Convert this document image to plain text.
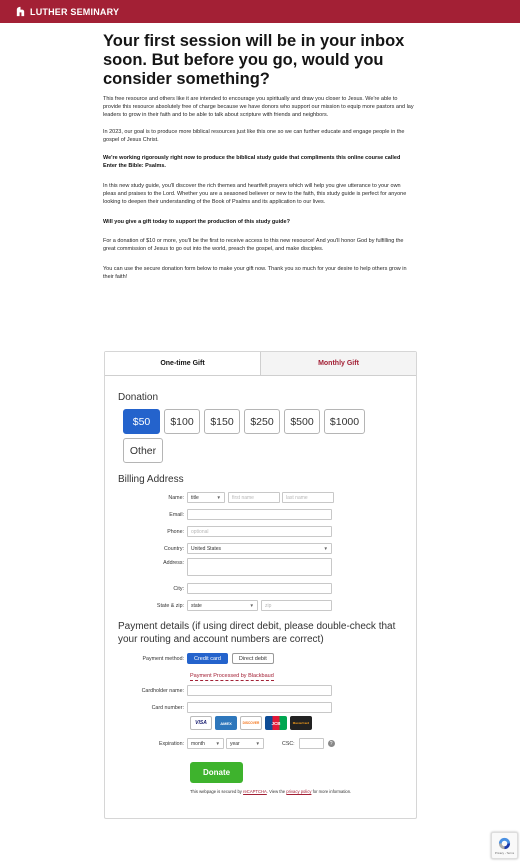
LUTHER SEMINARY
Your first session will be in your inbox soon. But before you go, would you consider something?

This free resource and others like it are intended to encourage you spiritually and draw you closer to Jesus. We're able to provide this resource absolutely free of charge because we have donors who support our mission to equip more pastors and lay leaders to grow in their faith and to be able to talk about scripture with friends and neighbors.

In 2023, our goal is to produce more biblical resources just like this one so we can further educate and engage people in the gospel of Jesus Christ.

We're working rigorously right now to produce the biblical study guide that compliments this online course called Enter the Bible: Psalms.

In this new study guide, you'll discover the rich themes and heartfelt prayers which will help you give utterance to your own pleas and praises to the Lord. Whether you are a seasoned believer or new to the faith, this study guide is perfect for anyone looking to deepen their understanding of the Book of Psalms and its application to our lives.

Will you give a gift today to support the production of this study guide?

For a donation of $10 or more, you'll be the first to receive access to this new resource! And you'll honor God by fulfilling the great commission of Jesus to go out into the world, preach the gospel, and make disciples.

You can use the secure donation form below to make your gift now. Thank you so much for your desire to help others grow in their faith!

One-time Gift	Monthly Gift
Donation
$50	$100	$150	$250	$500	$1000
Other
Billing Address
Name:	title	▼ first name	last name
Email:
Phone:	optional
Country:	United States	▼
Address:
City:
State & zip:	state	▼ zip
Payment details (if using direct debit, please double-check that your routing and account numbers are correct)
Payment method:	Credit card	Direct debit
Payment Processed by Blackbaud
Cardholder name:
Card number:
VISA	AMEX	DISCOVER	JCB	MasterCard
Expiration:	month ▼ year	▼	CSC:	?
Donate
This webpage is secured by reCAPTCHA. View the privacy policy for more information.
Privacy - Terms
